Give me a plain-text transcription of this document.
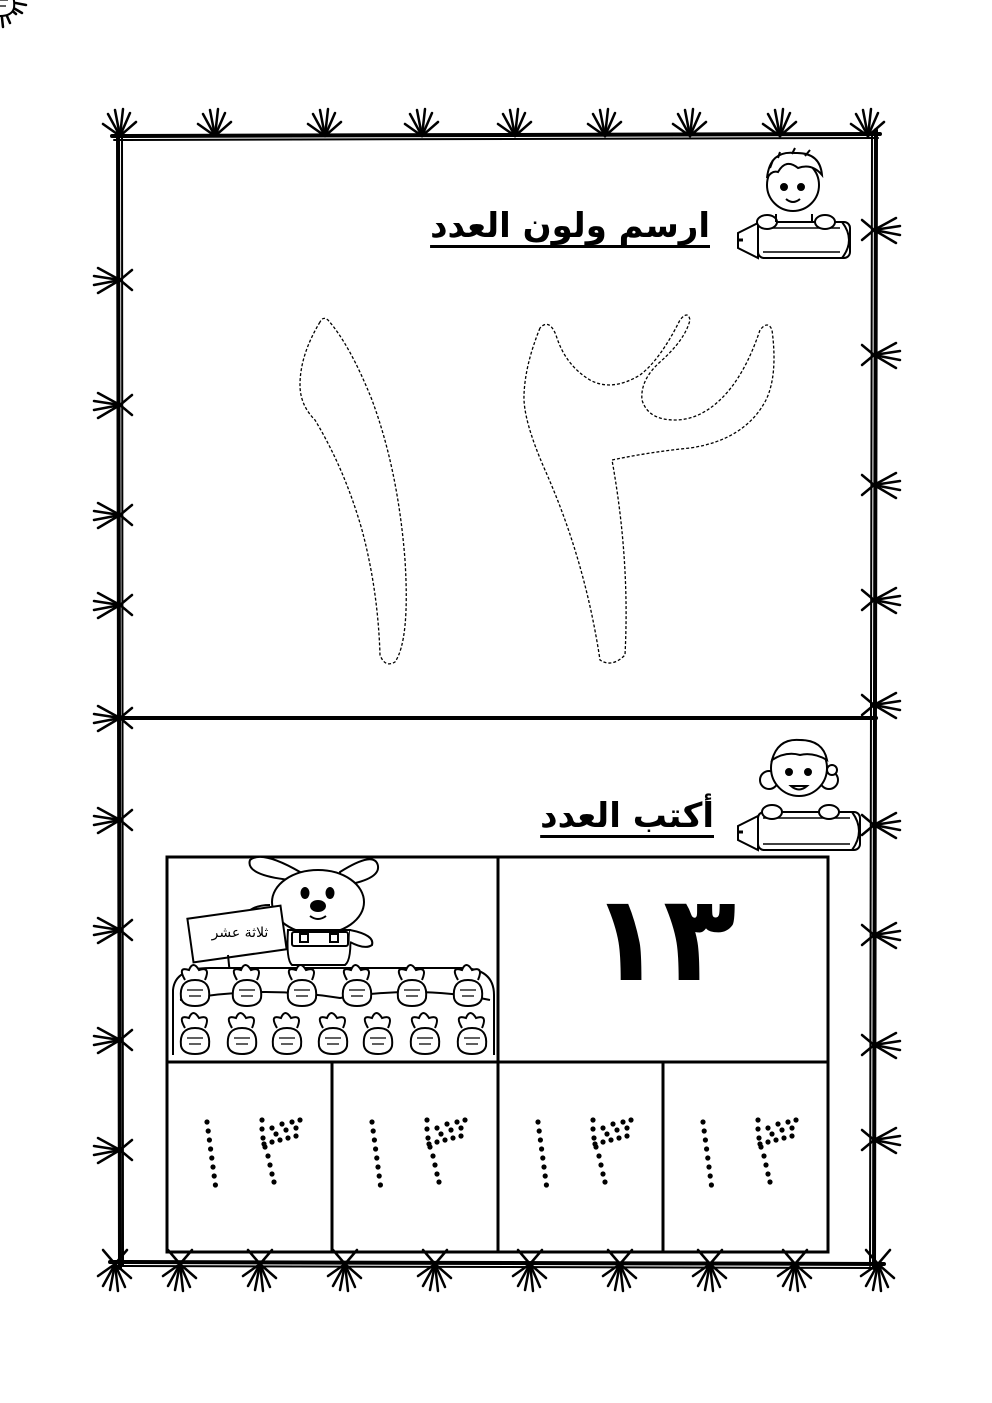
ارسم ولون العدد
أكتب العدد
١٣
ثلاثة عشر
